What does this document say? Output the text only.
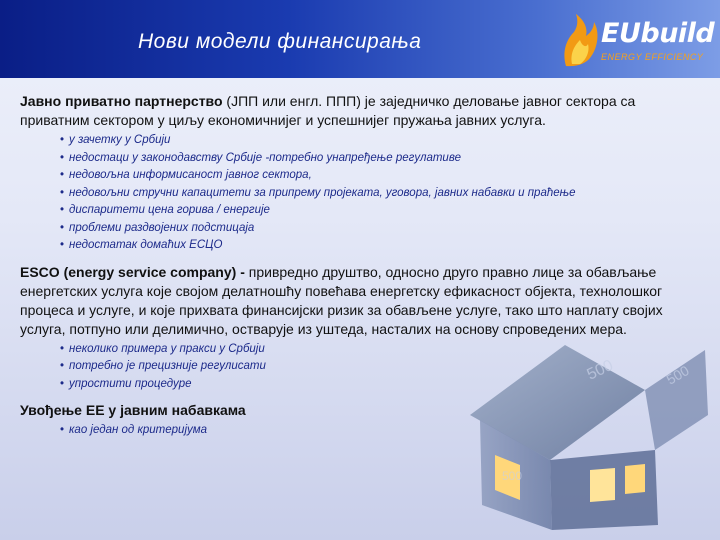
Нови модели финансирања	EUbuild
ENERGY EFFICIENCY
500	500
500

Јавно приватно партнерство (ЈПП или енгл. ППП) је заједничко деловање јавног сектора са приватним сектором у циљу економичнијег и успешнијег пружања јавних услуга.

• у зачетку у Србији
• недостаци у законодавству Србије -потребно унапређење регулативе
• недовољна информисаност јавног сектора,
• недовољни стручни капацитети за припрему пројеката, уговора, јавних набавки и праћење
• диспаритети цена горива / енергије
• проблеми раздвојених подстицаја
• недостатак домаћих ЕСЦО

ESCO (energy service company) - привредно друштво, односно друго правно лице за обављање енергетских услуга које својом делатношћу повећава енергетску ефикасност објекта, технолошког процеса и услуге, и које прихвата финансијски ризик за обављене услуге, тако што наплату својих услуга, потпуно или делимично, остварује из уштеда, насталих на основу спроведених мера.

• неколико примера у пракси у Србији
• потребно је прецизније регулисати
• упростити процедуре

Увођење ЕЕ у јавним набавкама

• као један од критеријума
